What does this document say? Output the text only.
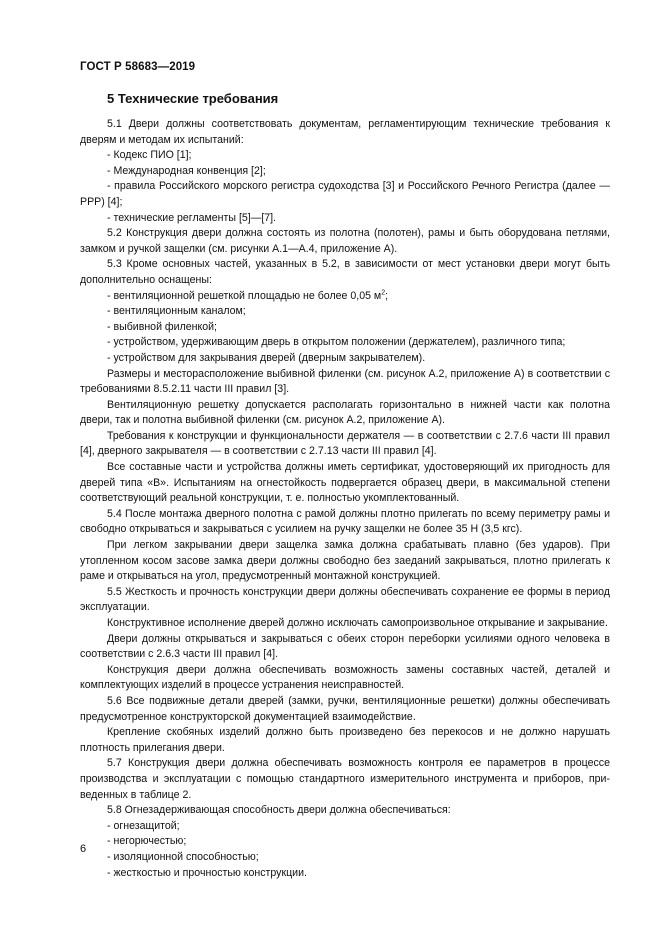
ГОСТ Р 58683—2019
5 Технические требования

5.1 Двери должны соответствовать документам, регламентирующим технические требования к дверям и методам их испытаний:

- Кодекс ПИО [1];

- Международная конвенция [2];

- правила Российского морского регистра судоходства [3] и Российского Речного Регистра (далее — РРР) [4];

- технические регламенты [5]—[7].

5.2 Конструкция двери должна состоять из полотна (полотен), рамы и быть оборудована петлями, замком и ручкой защелки (см. рисунки А.1—А.4, приложение А).

5.3 Кроме основных частей, указанных в 5.2, в зависимости от мест установки двери могут быть дополнительно оснащены:

- вентиляционной решеткой площадью не более 0,05 $м^2$;

- вентиляционным каналом;

- выбивной филенкой;

- устройством, удерживающим дверь в открытом положении (держателем), различного типа;

- устройством для закрывания дверей (дверным закрывателем).

Размеры и месторасположение выбивной филенки (см. рисунок А.2, приложение А) в соответствии с требованиями 8.5.2.11 части III правил [3].

Вентиляционную решетку допускается располагать горизонтально в нижней части как полотна двери, так и полотна выбивной филенки (см. рисунок А.2, приложение А).

Требования к конструкции и функциональности держателя — в соответствии с 2.7.6 части III правил [4], дверного закрывателя — в соответствии с 2.7.13 части III правил [4].

Все составные части и устройства должны иметь сертификат, удостоверяющий их пригодность для дверей типа «В». Испытаниям на огнестойкость подвергается образец двери, в максимальной степени соответствующий реальной конструкции, т. е. полностью укомплектованный.

5.4 После монтажа дверного полотна с рамой должны плотно прилегать по всему периметру рамы и свободно открываться и закрываться с усилием на ручку защелки не более 35 Н (3,5 кгс).

При легком закрывании двери защелка замка должна срабатывать плавно (без ударов). При утопленном косом засове замка двери должны свободно без заеданий закрываться, плотно прилегать к раме и открываться на угол, предусмотренный монтажной конструкцией.

5.5 Жесткость и прочность конструкции двери должны обеспечивать сохранение ее формы в период эксплуатации.

Конструктивное исполнение дверей должно исключать самопроизвольное открывание и закрывание.

Двери должны открываться и закрываться с обеих сторон переборки усилиями одного человека в соответствии с 2.6.3 части III правил [4].

Конструкция двери должна обеспечивать возможность замены составных частей, деталей и комплектующих изделий в процессе устранения неисправностей.

5.6 Все подвижные детали дверей (замки, ручки, вентиляционные решетки) должны обеспечивать предусмотренное конструкторской документацией взаимодействие.

Крепление скобяных изделий должно быть произведено без перекосов и не должно нарушать плотность прилегания двери.

5.7 Конструкция двери должна обеспечивать возможность контроля ее параметров в процессе производства и эксплуатации с помощью стандартного измерительного инструмента и приборов, приведенных в таблице 2.

5.8 Огнезадерживающая способность двери должна обеспечиваться:

- огнезащитой;

- негорючестью;

- изоляционной способностью;

- жесткостью и прочностью конструкции.

6
